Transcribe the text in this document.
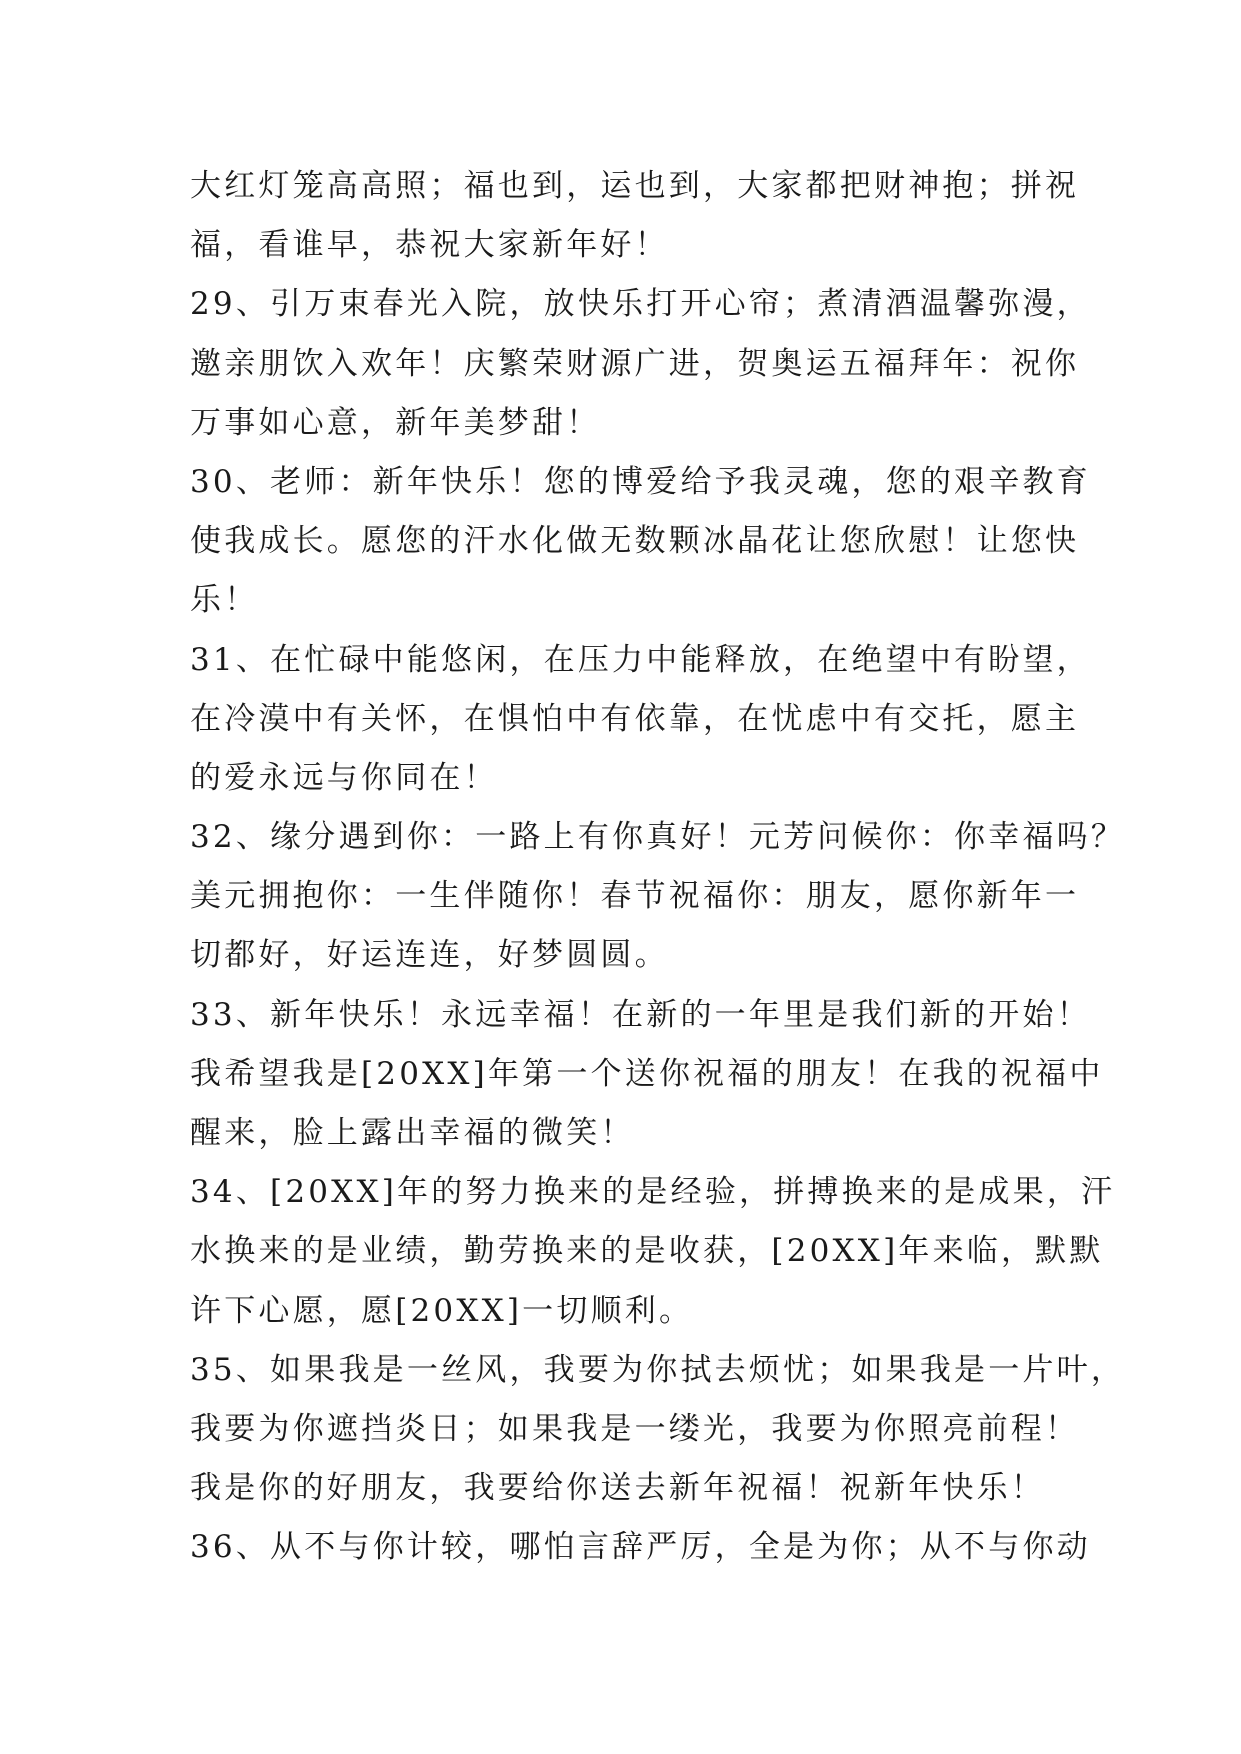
大红灯笼高高照；福也到，运也到，大家都把财神抱；拼祝
福，看谁早，恭祝大家新年好！
29、引万束春光入院，放快乐打开心帘；煮清酒温馨弥漫，
邀亲朋饮入欢年！庆繁荣财源广进，贺奥运五福拜年：祝你
万事如心意，新年美梦甜！
30、老师：新年快乐！您的博爱给予我灵魂，您的艰辛教育
使我成长。愿您的汗水化做无数颗冰晶花让您欣慰！让您快
乐！
31、在忙碌中能悠闲，在压力中能释放，在绝望中有盼望，
在冷漠中有关怀，在惧怕中有依靠，在忧虑中有交托，愿主
的爱永远与你同在！
32、缘分遇到你：一路上有你真好！元芳问候你：你幸福吗？
美元拥抱你：一生伴随你！春节祝福你：朋友，愿你新年一
切都好，好运连连，好梦圆圆。
33、新年快乐！永远幸福！在新的一年里是我们新的开始！
我希望我是[20XX]年第一个送你祝福的朋友！在我的祝福中
醒来，脸上露出幸福的微笑！
34、[20XX]年的努力换来的是经验，拼搏换来的是成果，汗
水换来的是业绩，勤劳换来的是收获，[20XX]年来临，默默
许下心愿，愿[20XX]一切顺利。
35、如果我是一丝风，我要为你拭去烦忧；如果我是一片叶，
我要为你遮挡炎日；如果我是一缕光，我要为你照亮前程！
我是你的好朋友，我要给你送去新年祝福！祝新年快乐！
36、从不与你计较，哪怕言辞严厉，全是为你；从不与你动
